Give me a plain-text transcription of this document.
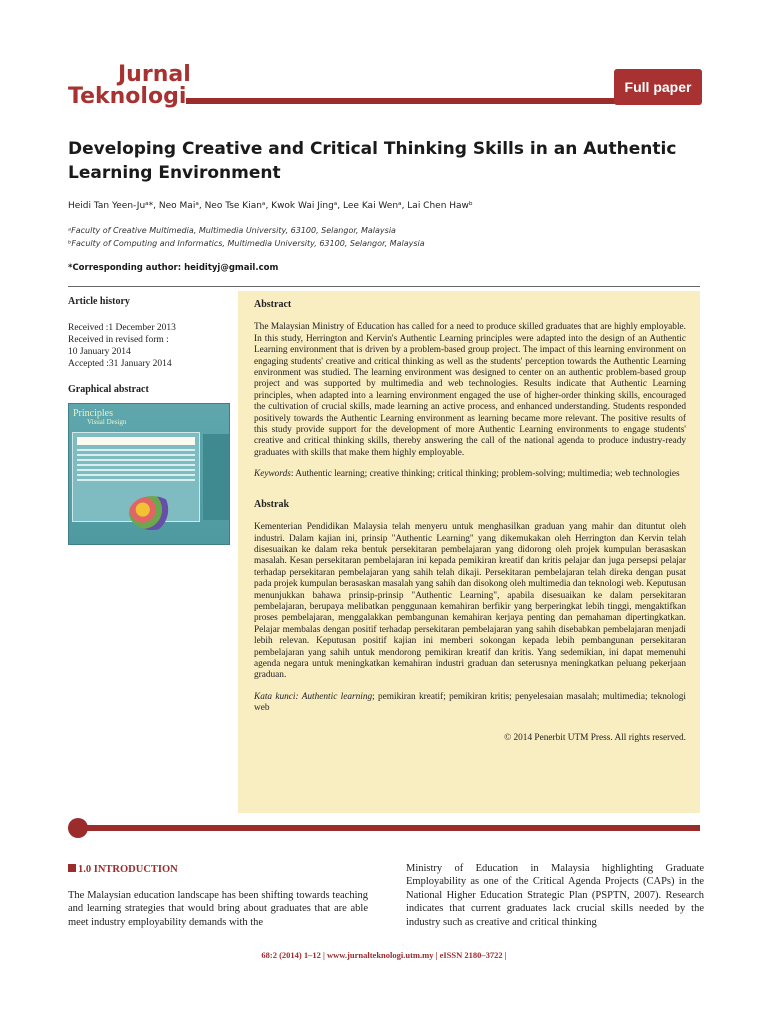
Jurnal
Teknologi	Full paper
Developing Creative and Critical Thinking Skills in an Authentic Learning Environment
Heidi Tan Yeen-Juᵃ*, Neo Maiᵃ, Neo Tse Kianᵃ, Kwok Wai Jingᵃ, Lee Kai Wenᵃ, Lai Chen Hawᵇ
ᵃFaculty of Creative Multimedia, Multimedia University, 63100, Selangor, Malaysia
ᵇFaculty of Computing and Informatics, Multimedia University, 63100, Selangor, Malaysia
*Corresponding author: heidityj@gmail.com
Article history
Received :1 December 2013
Received in revised form :
10 January 2014
Accepted :31 January 2014
Graphical abstract
Principles
Visual Design
Abstract

The Malaysian Ministry of Education has called for a need to produce skilled graduates that are highly employable. In this study, Herrington and Kervin's Authentic Learning principles were adapted into the design of an Authentic Learning environment that is driven by a problem-based group project. The impact of this learning environment on engaging students' creative and critical thinking as well as the students' perception towards the Authentic Learning environment was studied. The learning environment was designed to center on an authentic problem-based group project and was supported by multimedia and web technologies. Results indicate that Authentic Learning principles, when adapted into a learning environment engaged the use of higher-order thinking skills, encouraged the cultivation of crucial skills, made learning an active process, and enhanced understanding. Students responded positively towards the Authentic Learning environment as learning became more relevant. The positive results of this study provide support for the development of more Authentic Learning environments to engage students' creative and critical thinking skills, thereby answering the call of the national agenda to produce industry-ready graduates with skills that make them highly employable.

Keywords: Authentic learning; creative thinking; critical thinking; problem-solving; multimedia; web technologies

Abstrak

Kementerian Pendidikan Malaysia telah menyeru untuk menghasilkan graduan yang mahir dan dituntut oleh industri. Dalam kajian ini, prinsip "Authentic Learning" yang dikemukakan oleh Herrington dan Kervin telah disesuaikan ke dalam reka bentuk persekitaran pembelajaran yang didorong oleh projek kumpulan berasaskan masalah. Kesan persekitaran pembelajaran ini kepada pemikiran kreatif dan kritis pelajar dan juga persepsi pelajar terhadap persekitaran pembelajaran yang sahih telah dikaji. Persekitaran pembelajaran telah direka dengan pusat pada projek kumpulan berasaskan masalah yang sahih dan disokong oleh multimedia dan teknologi web. Keputusan menunjukkan bahawa prinsip-prinsip "Authentic Learning", apabila disesuaikan ke dalam persekitaran pembelajaran, berupaya melibatkan penggunaan kemahiran berfikir yang berperingkat lebih tinggi, mengaktifkan proses pembelajaran, menggalakkan pembangunan kemahiran kerjaya penting dan pemahaman dipertingkatkan. Pelajar membalas dengan positif terhadap persekitaran pembelajaran yang sahih disebabkan pembelajaran menjadi lebih relevan. Keputusan positif kajian ini memberi sokongan kepada lebih pembangunan persekitaran pembelajaran yang sahih untuk mendorong pemikiran kreatif dan kritis. Yang sedemikian, ini dapat memenuhi agenda negara untuk meningkatkan kemahiran industri graduan dan seterusnya meningkatkan peluang pekerjaan graduan.

Kata kunci: Authentic learning; pemikiran kreatif; pemikiran kritis; penyelesaian masalah; multimedia; teknologi web

© 2014 Penerbit UTM Press. All rights reserved.
1.0 INTRODUCTION
The Malaysian education landscape has been shifting towards teaching and learning strategies that would bring about graduates that are able meet industry employability demands with the
Ministry of Education in Malaysia highlighting Graduate Employability as one of the Critical Agenda Projects (CAPs) in the National Higher Education Strategic Plan (PSPTN, 2007). Research indicates that current graduates lack crucial skills needed by the industry such as creative and critical thinking
68:2 (2014) 1–12 | www.jurnalteknologi.utm.my | eISSN 2180–3722 |
